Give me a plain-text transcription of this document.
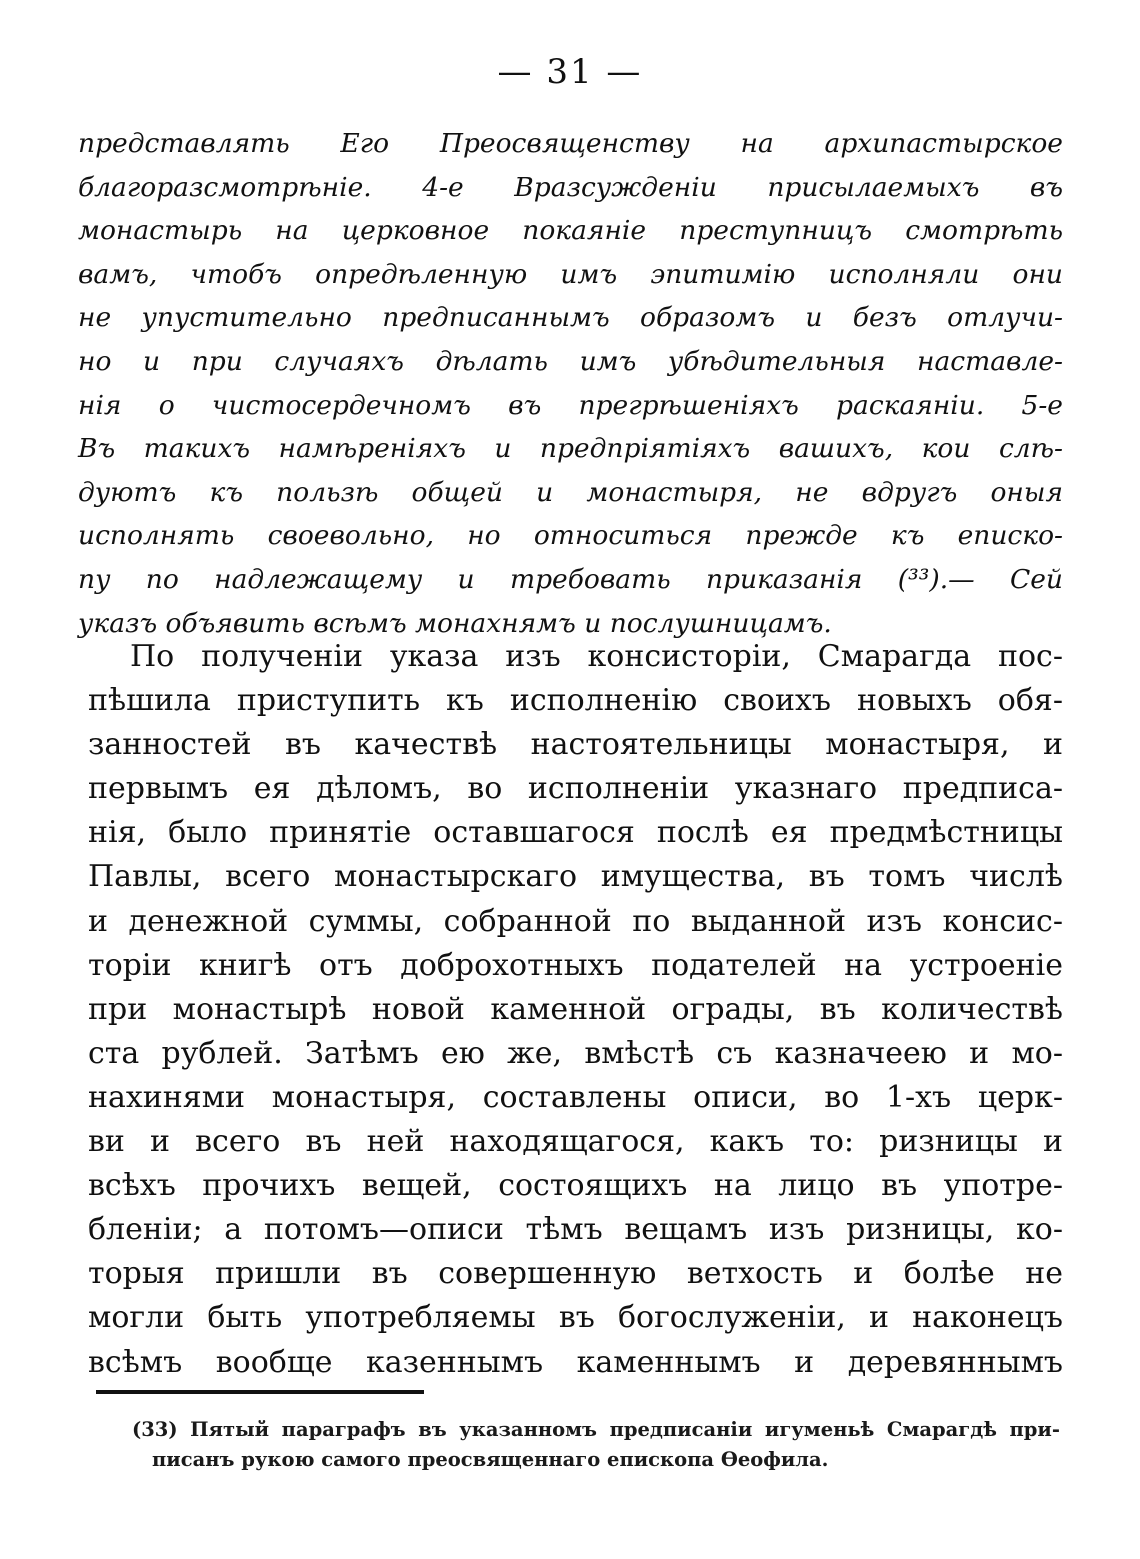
— 31 —
представлять Его Преосвященству на архипастырское
благоразсмотрѣніе. 4-е Вразсужденіи присылаемыхъ въ
монастырь на церковное покаяніе преступницъ смотрѣть
вамъ, чтобъ опредѣленную имъ эпитимію исполняли они
не упустительно предписаннымъ образомъ и безъ отлучи-
но и при случаяхъ дѣлать имъ убѣдительныя наставле-
нія о чистосердечномъ въ прегрѣшеніяхъ раскаяніи. 5-е
Въ такихъ намѣреніяхъ и предпріятіяхъ вашихъ, кои слѣ-
дуютъ къ пользѣ общей и монастыря, не вдругъ оныя
исполнять своевольно, но относиться прежде къ еписко-
пу по надлежащему и требовать приказанія (³³).— Сей
указъ объявить всѣмъ монахнямъ и послушницамъ.
По полученіи указа изъ консисторіи, Смарагда пос-
пѣшила приступить къ исполненію своихъ новыхъ обя-
занностей въ качествѣ настоятельницы монастыря, и
первымъ ея дѣломъ, во исполненіи указнаго предписа-
нія, было принятіе оставшагося послѣ ея предмѣстницы
Павлы, всего монастырскаго имущества, въ томъ числѣ
и денежной суммы, собранной по выданной изъ консис-
торіи книгѣ отъ доброхотныхъ подателей на устроеніе
при монастырѣ новой каменной ограды, въ количествѣ
ста рублей. Затѣмъ ею же, вмѣстѣ съ казначеею и мо-
нахинями монастыря, составлены описи, во 1-хъ церк-
ви и всего въ ней находящагося, какъ то: ризницы и
всѣхъ прочихъ вещей, состоящихъ на лицо въ употре-
бленіи; а потомъ—описи тѣмъ вещамъ изъ ризницы, ко-
торыя пришли въ совершенную ветхость и болѣе не
могли быть употребляемы въ богослуженіи, и наконецъ
всѣмъ вообще казеннымъ каменнымъ и деревяннымъ
(33) Пятый параграфъ въ указанномъ предписаніи игуменьѣ Смарагдѣ при-
писанъ рукою самого преосвященнаго епископа Ѳеофила.
